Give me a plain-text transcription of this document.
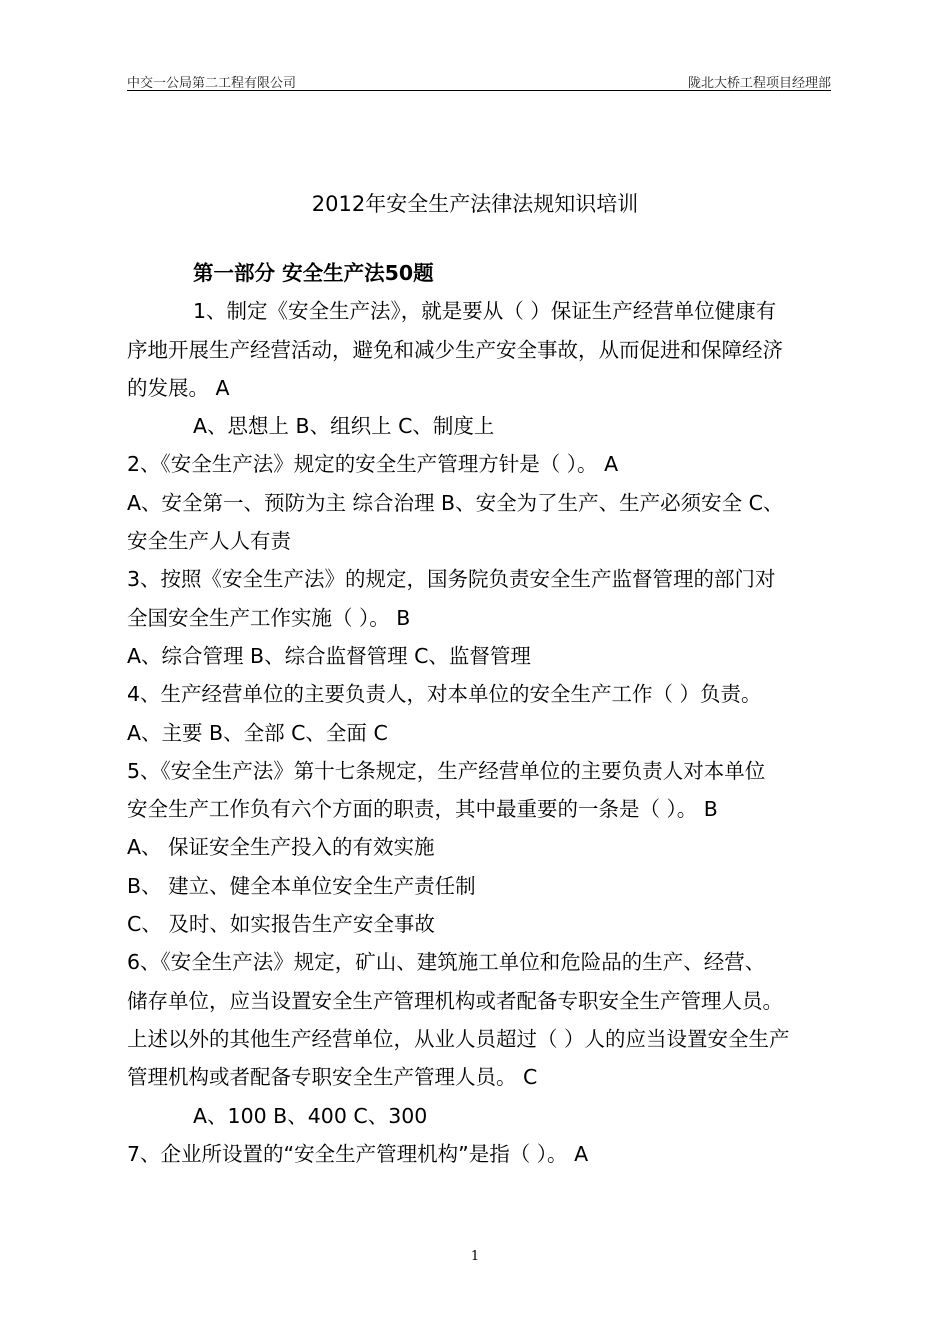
中交一公局第二工程有限公司	陇北大桥工程项目经理部
2012年安全生产法律法规知识培训
第一部分 安全生产法50题
1、制定《安全生产法》，就是要从（ ）保证生产经营单位健康有
序地开展生产经营活动，避免和减少生产安全事故，从而促进和保障经济
的发展。 A
A、思想上 B、组织上 C、制度上
2、《安全生产法》规定的安全生产管理方针是（ ）。 A
A、安全第一、预防为主 综合治理 B、安全为了生产、生产必须安全 C、
安全生产人人有责
3、按照《安全生产法》的规定，国务院负责安全生产监督管理的部门对
全国安全生产工作实施（ ）。 B
A、综合管理 B、综合监督管理 C、监督管理
4、生产经营单位的主要负责人，对本单位的安全生产工作（ ）负责。
A、主要 B、全部 C、全面 C
5、《安全生产法》第十七条规定，生产经营单位的主要负责人对本单位
安全生产工作负有六个方面的职责，其中最重要的一条是（ ）。 B
A、 保证安全生产投入的有效实施
B、 建立、健全本单位安全生产责任制
C、 及时、如实报告生产安全事故
6、《安全生产法》规定，矿山、建筑施工单位和危险品的生产、经营、
储存单位，应当设置安全生产管理机构或者配备专职安全生产管理人员。
上述以外的其他生产经营单位，从业人员超过（ ）人的应当设置安全生产
管理机构或者配备专职安全生产管理人员。 C
A、100 B、400 C、300
7、企业所设置的“安全生产管理机构”是指（ ）。 A
1
